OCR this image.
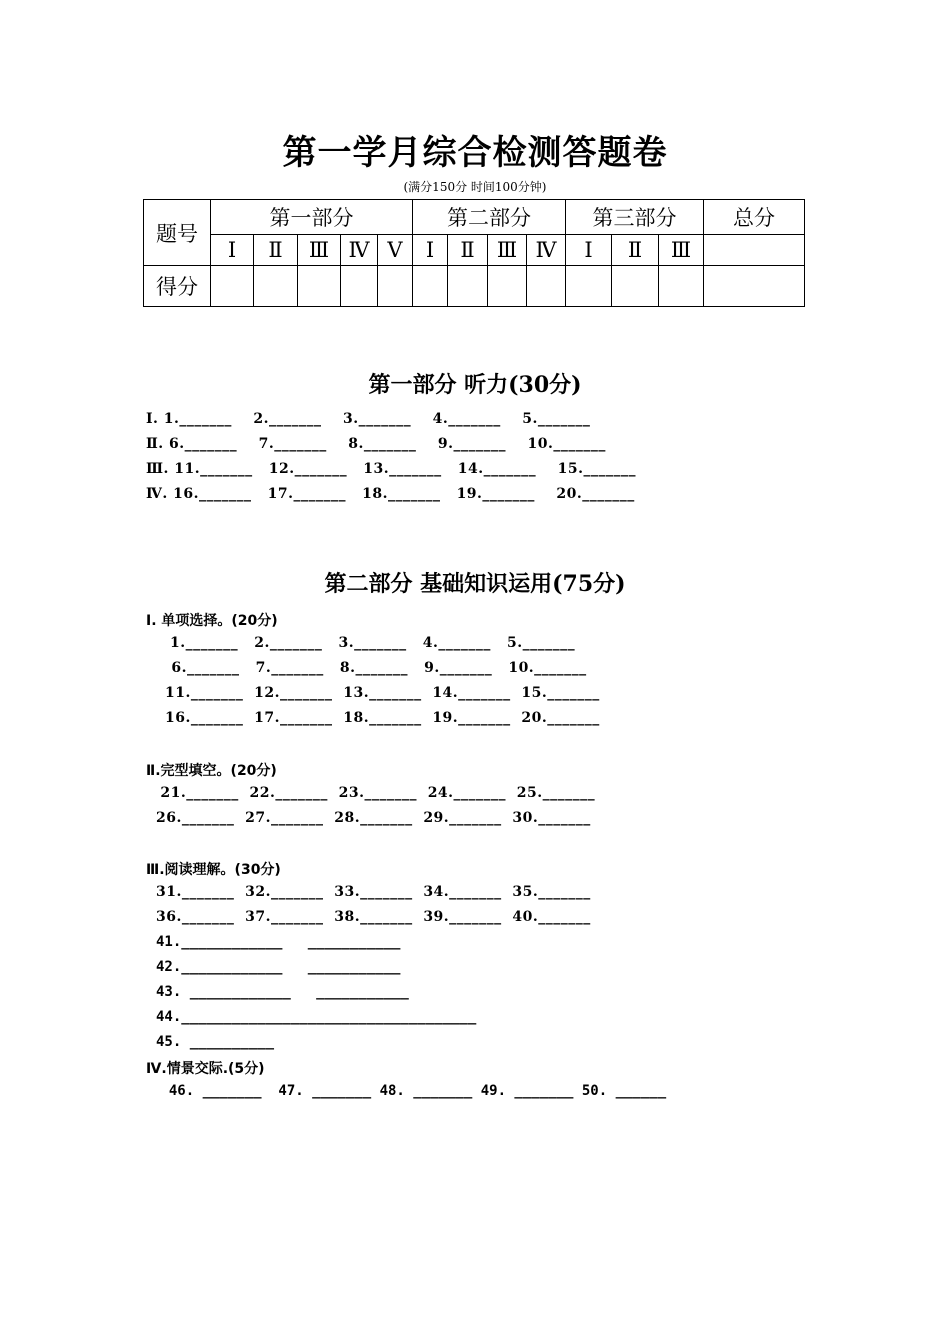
第一学月综合检测答题卷
(满分150分 时间100分钟)
题号	第一部分					第二部分				第三部分			总分
	Ⅰ	Ⅱ	Ⅲ	Ⅳ	Ⅴ	Ⅰ	Ⅱ	Ⅲ	Ⅳ	Ⅰ	Ⅱ	Ⅲ	
得分													
第一部分 听力(30分)
Ⅰ. 1._______    2._______    3._______    4._______    5._______
Ⅱ. 6._______    7._______    8._______    9._______    10._______
Ⅲ. 11._______   12._______   13._______   14._______    15._______
Ⅳ. 16._______   17._______   18._______   19._______    20._______
第二部分 基础知识运用(75分)
Ⅰ. 单项选择。(20分)
1._______   2._______   3._______   4._______   5._______
6._______   7._______   8._______   9._______   10._______
11._______  12._______  13._______  14._______  15._______
16._______  17._______  18._______  19._______  20._______
Ⅱ.完型填空。(20分)
21._______  22._______  23._______  24._______  25._______
26._______  27._______  28._______  29._______  30._______
Ⅲ.阅读理解。(30分)
31._______  32._______  33._______  34._______  35._______
36._______  37._______  38._______  39._______  40._______
41.____________   ___________
42.____________   ___________
43. ____________   ___________
44.___________________________________
45. __________
Ⅳ.情景交际.(5分)
46. _______  47. _______ 48. _______ 49. _______ 50. ______
